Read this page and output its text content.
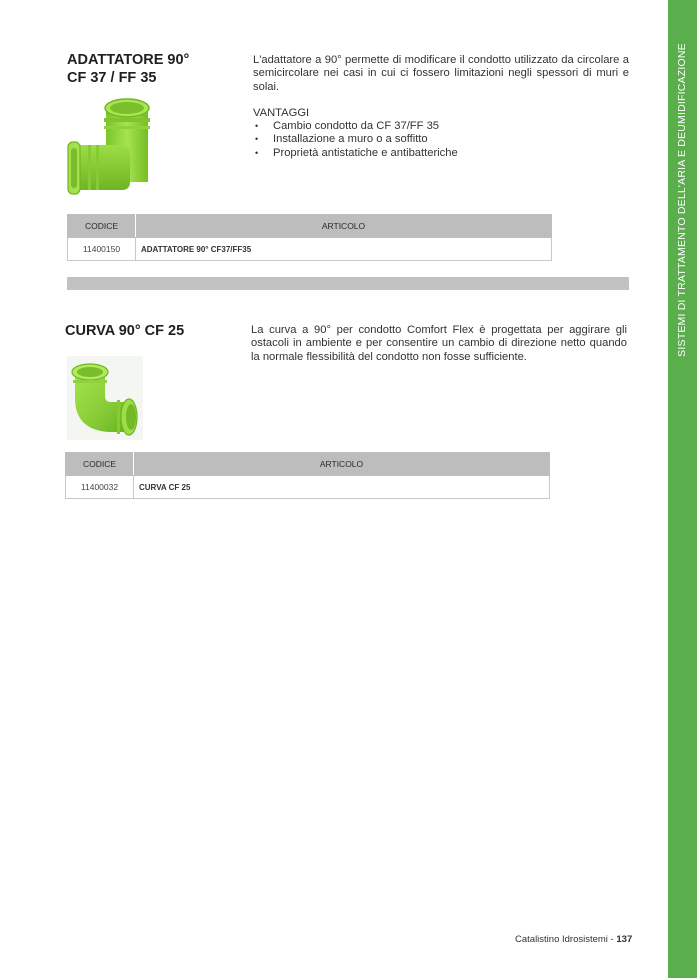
SISTEMI DI TRATTAMENTO DELL'ARIA E DEUMIDIFICAZIONE
ADATTATORE 90°
CF 37 / FF 35

L'adattatore a 90° permette di modificare il condotto utilizzato da circolare a semicircolare nei casi in cui ci fossero limitazioni negli spessori di muri e solai.

VANTAGGI
• Cambio condotto da CF 37/FF 35
• Installazione a muro o a soffitto
• Proprietà antistatiche e antibatteriche
CODICE	ARTICOLO
11400150	ADATTATORE 90° CF37/FF35
CURVA 90° CF 25	La curva a 90° per condotto Comfort Flex è progettata per aggirare gli ostacoli in ambiente e per consentire un cambio di direzione netto quando la normale flessibilità del condotto non fosse sufficiente.

CODICE	ARTICOLO
11400032	CURVA CF 25
Catalistino Idrosistemi - 137
